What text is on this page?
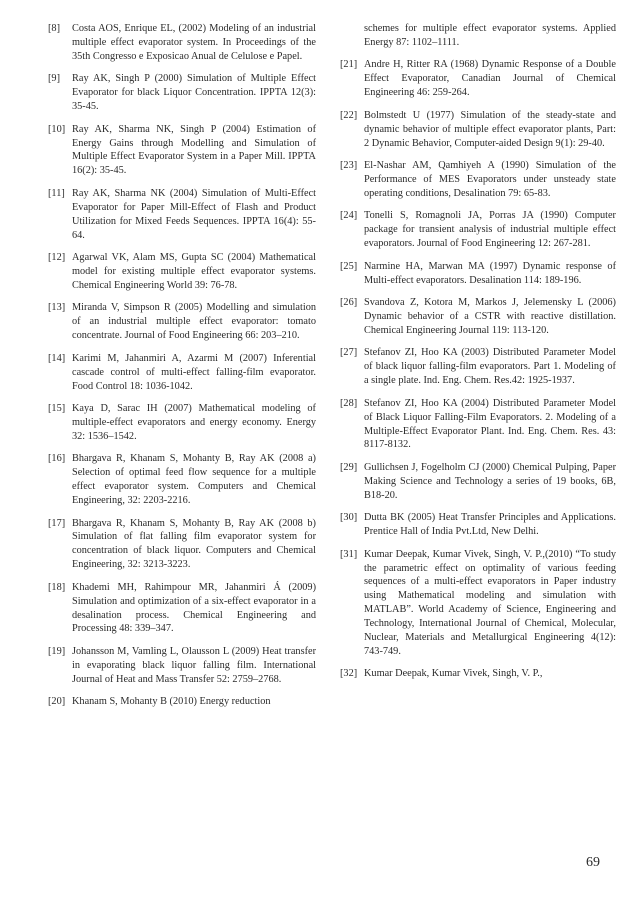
[8] Costa AOS, Enrique EL, (2002) Modeling of an industrial multiple effect evaporator system. In Proceedings of the 35th Congresso e Exposicao Anual de Celulose e Papel.
[9] Ray AK, Singh P (2000) Simulation of Multiple Effect Evaporator for black Liquor Concentration. IPPTA 12(3): 35-45.
[10] Ray AK, Sharma NK, Singh P (2004) Estimation of Energy Gains through Modelling and Simulation of Multiple Effect Evaporator System in a Paper Mill. IPPTA 16(2): 35-45.
[11] Ray AK, Sharma NK (2004) Simulation of Multi-Effect Evaporator for Paper Mill-Effect of Flash and Product Utilization for Mixed Feeds Sequences. IPPTA 16(4): 55-64.
[12] Agarwal VK, Alam MS, Gupta SC (2004) Mathematical model for existing multiple effect evaporator systems. Chemical Engineering World 39: 76-78.
[13] Miranda V, Simpson R (2005) Modelling and simulation of an industrial multiple effect evaporator: tomato concentrate. Journal of Food Engineering 66: 203–210.
[14] Karimi M, Jahanmiri A, Azarmi M (2007) Inferential cascade control of multi-effect falling-film evaporator. Food Control 18: 1036-1042.
[15] Kaya D, Sarac IH (2007) Mathematical modeling of multiple-effect evaporators and energy economy. Energy 32: 1536–1542.
[16] Bhargava R, Khanam S, Mohanty B, Ray AK (2008 a) Selection of optimal feed flow sequence for a multiple effect evaporator system. Computers and Chemical Engineering, 32: 2203-2216.
[17] Bhargava R, Khanam S, Mohanty B, Ray AK (2008 b) Simulation of flat falling film evaporator system for concentration of black liquor. Computers and Chemical Engineering, 32: 3213-3223.
[18] Khademi MH, Rahimpour MR, Jahanmiri Á (2009) Simulation and optimization of a six-effect evaporator in a desalination process. Chemical Engineering and Processing 48: 339–347.
[19] Johansson M, Vamling L, Olausson L (2009) Heat transfer in evaporating black liquor falling film. International Journal of Heat and Mass Transfer 52: 2759–2768.
[20] Khanam S, Mohanty B (2010) Energy reduction
schemes for multiple effect evaporator systems. Applied Energy 87: 1102–1111.
[21] Andre H, Ritter RA (1968) Dynamic Response of a Double Effect Evaporator, Canadian Journal of Chemical Engineering 46: 259-264.
[22] Bolmstedt U (1977) Simulation of the steady-state and dynamic behavior of multiple effect evaporator plants, Part: 2 Dynamic Behavior, Computer-aided Design 9(1): 29-40.
[23] El-Nashar AM, Qamhiyeh A (1990) Simulation of the Performance of MES Evaporators under unsteady state operating conditions, Desalination 79: 65-83.
[24] Tonelli S, Romagnoli JA, Porras JA (1990) Computer package for transient analysis of industrial multiple effect evaporators. Journal of Food Engineering 12: 267-281.
[25] Narmine HA, Marwan MA (1997) Dynamic response of Multi-effect evaporators. Desalination 114: 189-196.
[26] Svandova Z, Kotora M, Markos J, Jelemensky L (2006) Dynamic behavior of a CSTR with reactive distillation. Chemical Engineering Journal 119: 113-120.
[27] Stefanov ZI, Hoo KA (2003) Distributed Parameter Model of black liquor falling-film evaporators. Part 1. Modeling of a single plate. Ind. Eng. Chem. Res.42: 1925-1937.
[28] Stefanov ZI, Hoo KA (2004) Distributed Parameter Model of Black Liquor Falling-Film Evaporators. 2. Modeling of a Multiple-Effect Evaporator Plant. Ind. Eng. Chem. Res. 43: 8117-8132.
[29] Gullichsen J, Fogelholm CJ (2000) Chemical Pulping, Paper Making Science and Technology a series of 19 books, 6B, B18-20.
[30] Dutta BK (2005) Heat Transfer Principles and Applications. Prentice Hall of India Pvt.Ltd, New Delhi.
[31] Kumar Deepak, Kumar Vivek, Singh, V. P.,(2010) “To study the parametric effect on optimality of various feeding sequences of a multi-effect evaporators in Paper industry using Mathematical modeling and simulation with MATLAB”. World Academy of Science, Engineering and Technology, International Journal of Chemical, Molecular, Nuclear, Materials and Metallurgical Engineering 4(12): 743-749.
[32] Kumar Deepak, Kumar Vivek, Singh, V. P.,
69
